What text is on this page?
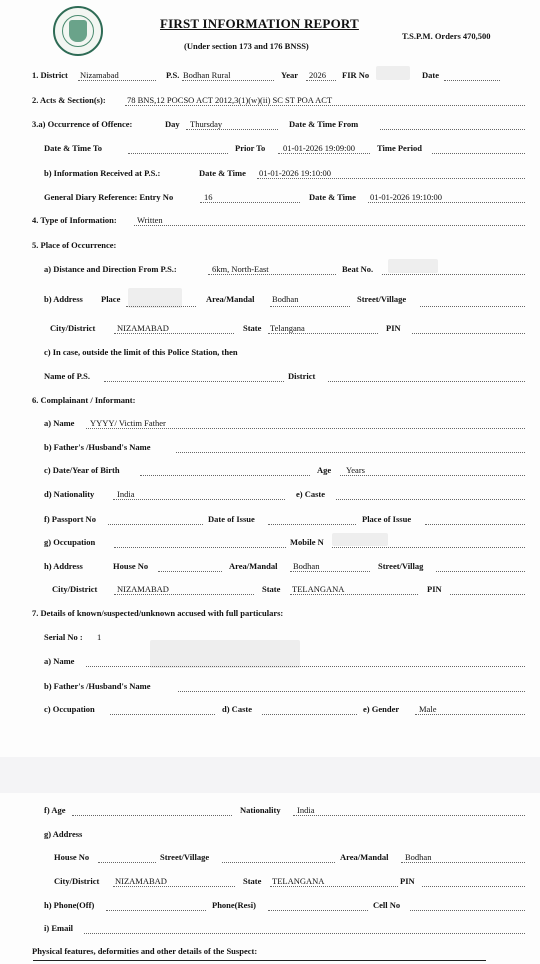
FIRST INFORMATION REPORT
(Under section 173 and 176 BNSS)
T.S.P.M. Orders 470,500
1. District Nizamabad	P.S. Bodhan Rural	Year 2026 FIR No	Date
2. Acts & Section(s):	78 BNS,12 POCSO ACT 2012,3(1)(w)(ii) SC ST POA ACT
3.a) Occurrence of Offence:	Day Thursday	Date & Time From
Date & Time To	Prior To 01-01-2026 19:09:00	Time Period
b) Information Received at P.S.:	Date & Time 01-01-2026 19:10:00
General Diary Reference: Entry No	16	Date & Time 01-01-2026 19:10:00
4. Type of Information: Written
5. Place of Occurrence:
a) Distance and Direction From P.S.:	6km, North-East	Beat No.
b) Address Place	Area/Mandal Bodhan	Street/Village
City/District	NIZAMABAD	State Telangana	PIN
c) In case, outside the limit of this Police Station, then
Name of P.S.	District
6. Complainant / Informant:
a) Name YYYY/ Victim Father
b) Father's /Husband's Name
c) Date/Year of Birth	Age Years
d) Nationality	India	e) Caste
f) Passport No	Date of Issue	Place of Issue
g) Occupation	Mobile N
h) Address	House No	Area/Mandal Bodhan	Street/Villag
City/District NIZAMABAD	State TELANGANA	PIN
7. Details of known/suspected/unknown accused with full particulars:
Serial No : 1
a) Name
b) Father's /Husband's Name
c) Occupation	d) Caste	e) Gender Male
f) Age	Nationality India
g) Address
House No	Street/Village	Area/Mandal Bodhan
City/District NIZAMABAD	State TELANGANA	PIN
h) Phone(Off)	Phone(Resi)	Cell No
i) Email
Physical features, deformities and other details of the Suspect:
